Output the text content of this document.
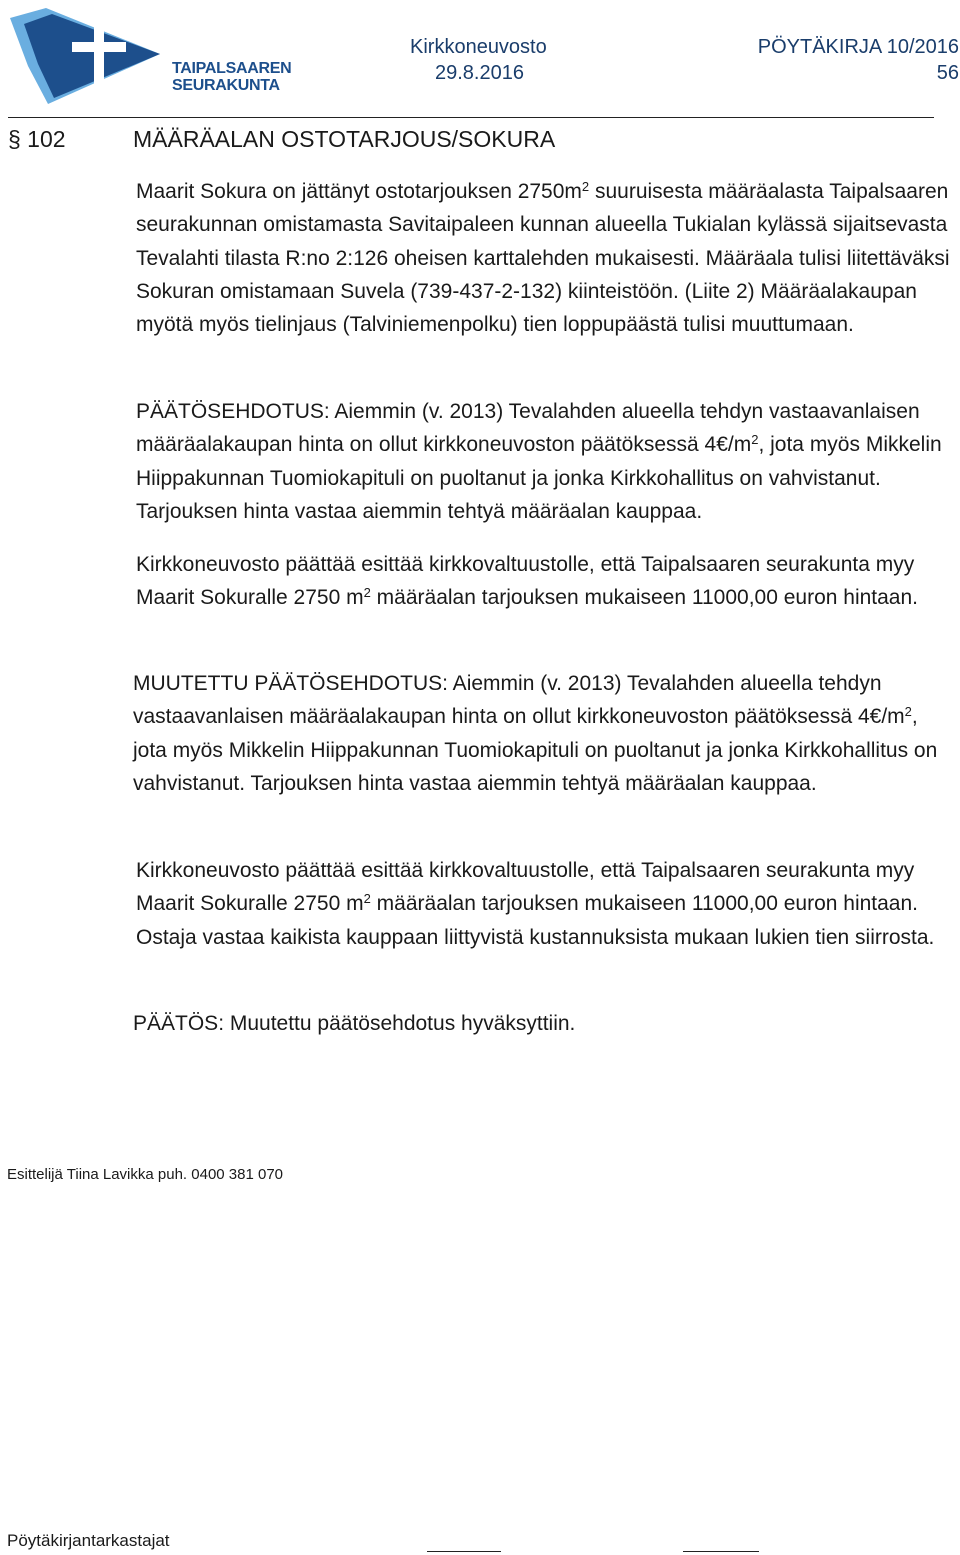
TAIPALSAAREN
SEURAKUNTA
Kirkkoneuvosto
29.8.2016
PÖYTÄKIRJA 10/2016
56
§ 102	MÄÄRÄALAN OSTOTARJOUS/SOKURA

Maarit Sokura on jättänyt ostotarjouksen $2750m^2$ suuruisesta määräalasta Taipalsaaren seurakunnan omistamasta Savitaipaleen kunnan alueella Tukialan kylässä sijaitsevasta Tevalahti tilasta R:no 2:126 oheisen karttalehden mukaisesti. Määräala tulisi liitettäväksi Sokuran omistamaan Suvela (739-437-2-132) kiinteistöön. (Liite 2) Määräalakaupan myötä myös tielinjaus (Talviniemenpolku) tien loppupäästä tulisi muuttumaan.

PÄÄTÖSEHDOTUS: Aiemmin (v. 2013) Tevalahden alueella tehdyn vastaavanlaisen määräalakaupan hinta on ollut kirkkoneuvoston päätöksessä $4€/m^2$, jota myös Mikkelin Hiippakunnan Tuomiokapituli on puoltanut ja jonka Kirkkohallitus on vahvistanut. Tarjouksen hinta vastaa aiemmin tehtyä määräalan kauppaa.

Kirkkoneuvosto päättää esittää kirkkovaltuustolle, että Taipalsaaren seurakunta myy Maarit Sokuralle 2750 $m^2$ määräalan tarjouksen mukaiseen 11000,00 euron hintaan.

MUUTETTU PÄÄTÖSEHDOTUS: Aiemmin (v. 2013) Tevalahden alueella tehdyn vastaavanlaisen määräalakaupan hinta on ollut kirkkoneuvoston päätöksessä $4€/m^2$, jota myös Mikkelin Hiippakunnan Tuomiokapituli on puoltanut ja jonka Kirkkohallitus on vahvistanut. Tarjouksen hinta vastaa aiemmin tehtyä määräalan kauppaa.

Kirkkoneuvosto päättää esittää kirkkovaltuustolle, että Taipalsaaren seurakunta myy Maarit Sokuralle 2750 $m^2$ määräalan tarjouksen mukaiseen 11000,00 euron hintaan. Ostaja vastaa kaikista kauppaan liittyvistä kustannuksista mukaan lukien tien siirrosta.

PÄÄTÖS: Muutettu päätösehdotus hyväksyttiin.

Esittelijä Tiina Lavikka puh. 0400 381 070
Pöytäkirjantarkastajat
